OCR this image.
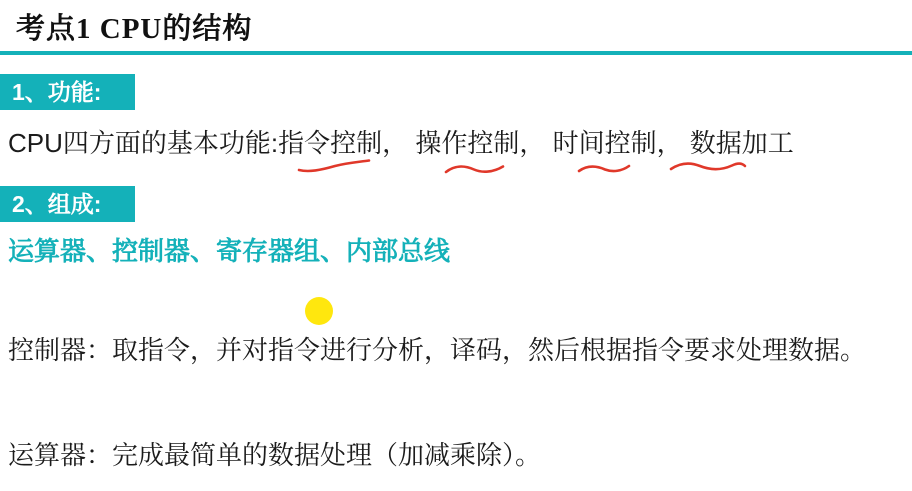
考点1 CPU的结构
1、功能:

CPU四方面的基本功能:指令控制， 操作控制， 时间控制， 数据加工

2、组成:

运算器、控制器、寄存器组、内部总线

控制器：取指令，并对指令进行分析，译码，然后根据指令要求处理数据。

运算器：完成最简单的数据处理（加减乘除）。
